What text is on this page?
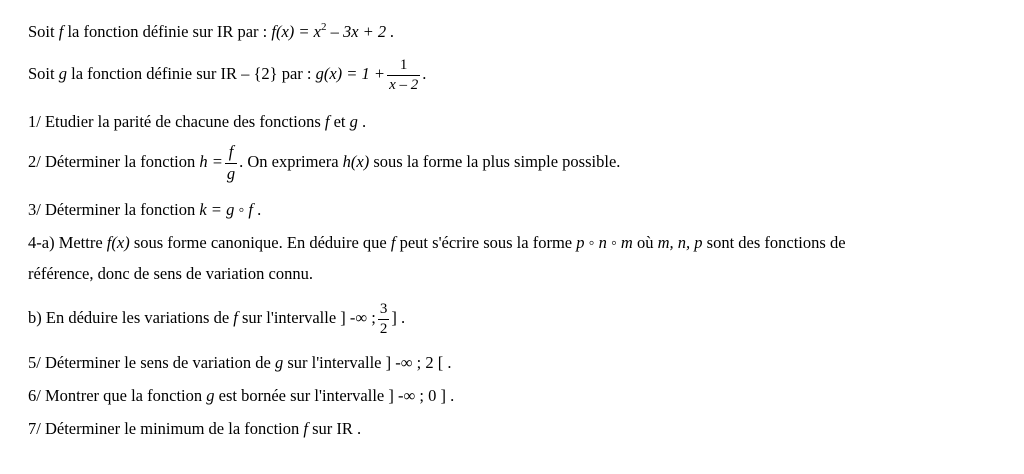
Soit f la fonction définie sur IR par : $f(x) = x^2 - 3x + 2$ .
Soit g la fonction définie sur IR – {2} par : $g(x) = 1 + \frac{1}{x - 2}$ .
1/ Etudier la parité de chacune des fonctions f et g .
2/ Déterminer la fonction $h = \frac{f}{g}$ . On exprimera h(x) sous la forme la plus simple possible.
3/ Déterminer la fonction k = g ◦ f .
4-a) Mettre f(x) sous forme canonique. En déduire que f peut s'écrire sous la forme p ◦ n ◦ m où m, n, p sont des fonctions de
référence, donc de sens de variation connu.
b) En déduire les variations de f sur l'intervalle ] -∞ ; $\frac{3}{2}$ ] .
5/ Déterminer le sens de variation de g sur l'intervalle ] -∞ ; 2 [ .
6/ Montrer que la fonction g est bornée sur l'intervalle ] -∞ ; 0 ] .
7/ Déterminer le minimum de la fonction f sur IR .
